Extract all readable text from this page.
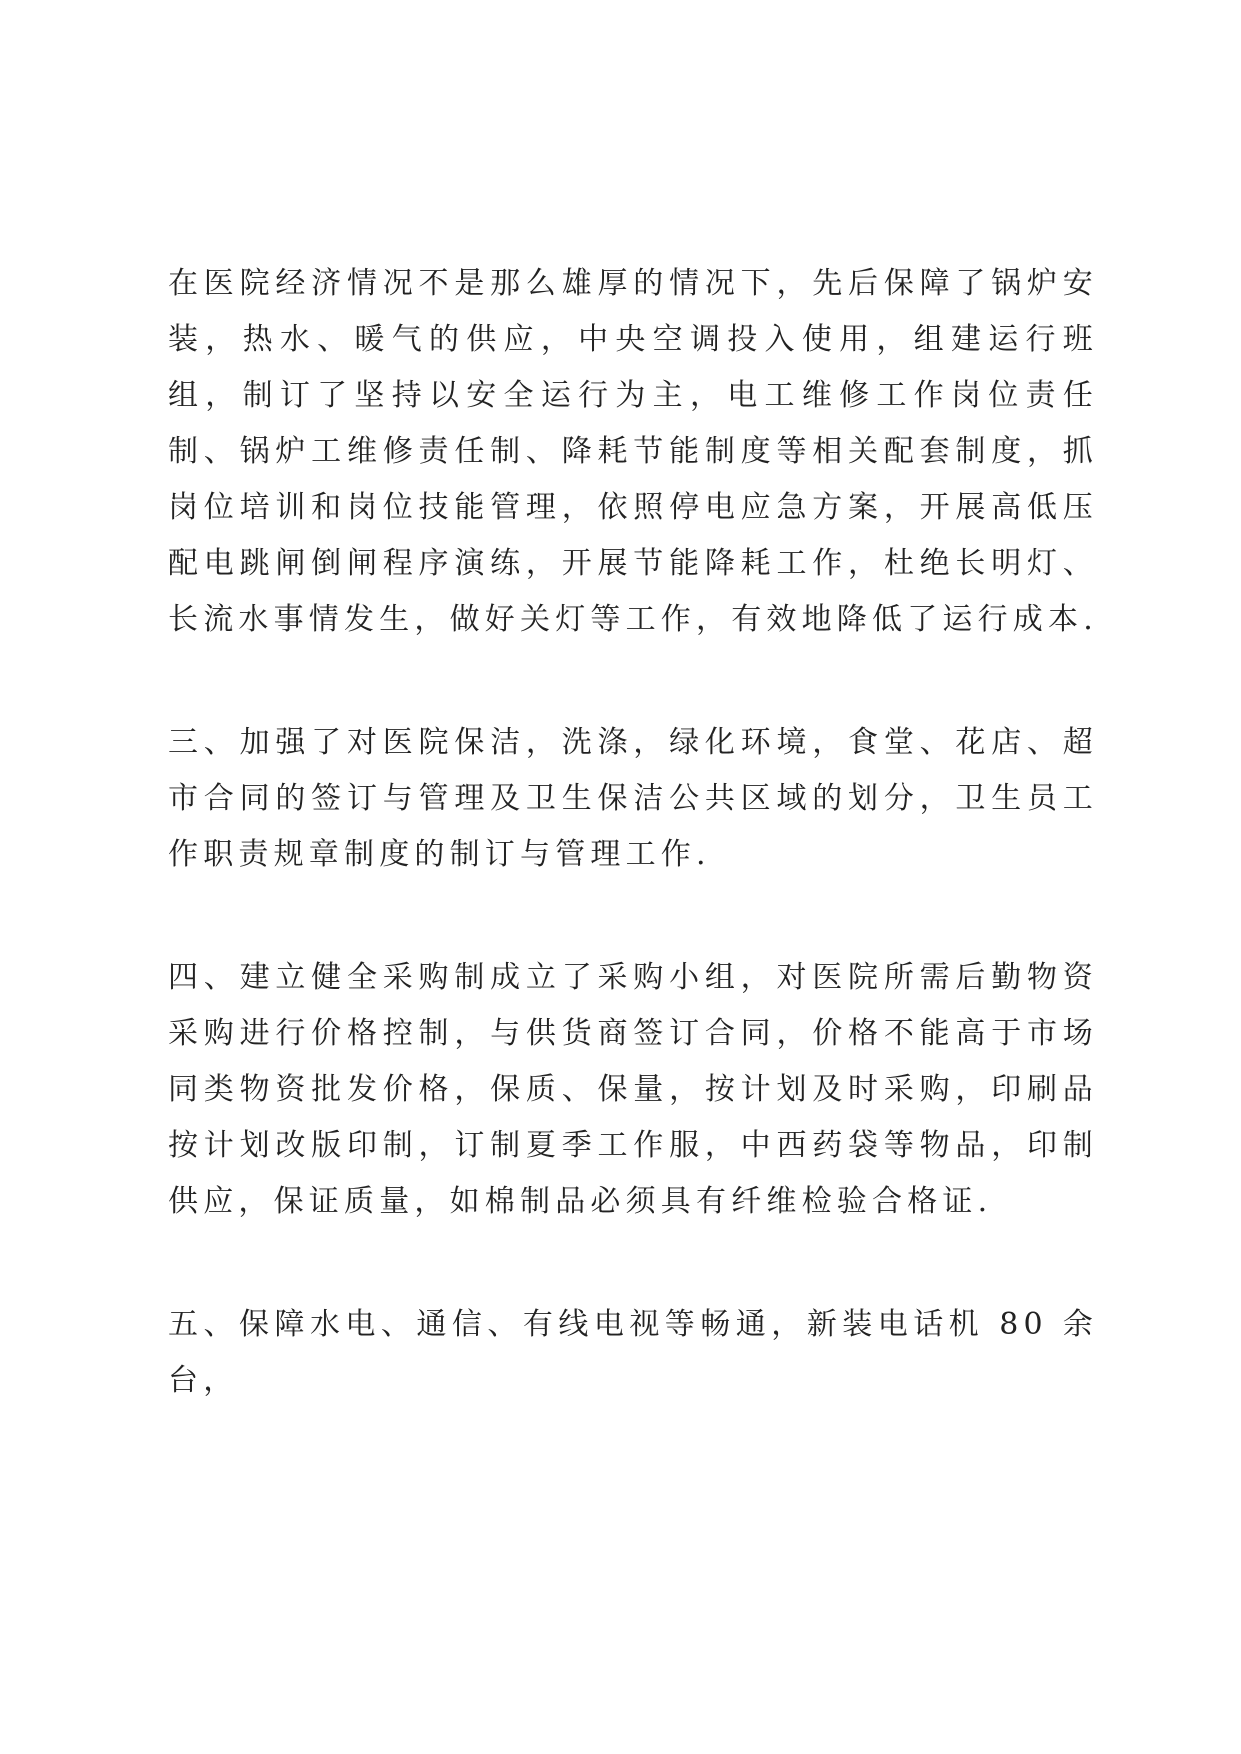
在医院经济情况不是那么雄厚的情况下，先后保障了锅炉安装，热水、暖气的供应，中央空调投入使用，组建运行班组，制订了坚持以安全运行为主，电工维修工作岗位责任制、锅炉工维修责任制、降耗节能制度等相关配套制度，抓岗位培训和岗位技能管理，依照停电应急方案，开展高低压配电跳闸倒闸程序演练，开展节能降耗工作，杜绝长明灯、长流水事情发生，做好关灯等工作，有效地降低了运行成本.

三、加强了对医院保洁，洗涤，绿化环境，食堂、花店、超市合同的签订与管理及卫生保洁公共区域的划分，卫生员工作职责规章制度的制订与管理工作.

四、建立健全采购制成立了采购小组，对医院所需后勤物资采购进行价格控制，与供货商签订合同，价格不能高于市场同类物资批发价格，保质、保量，按计划及时采购，印刷品按计划改版印制，订制夏季工作服，中西药袋等物品，印制供应，保证质量，如棉制品必须具有纤维检验合格证.

五、保障水电、通信、有线电视等畅通，新装电话机 80 余台，
